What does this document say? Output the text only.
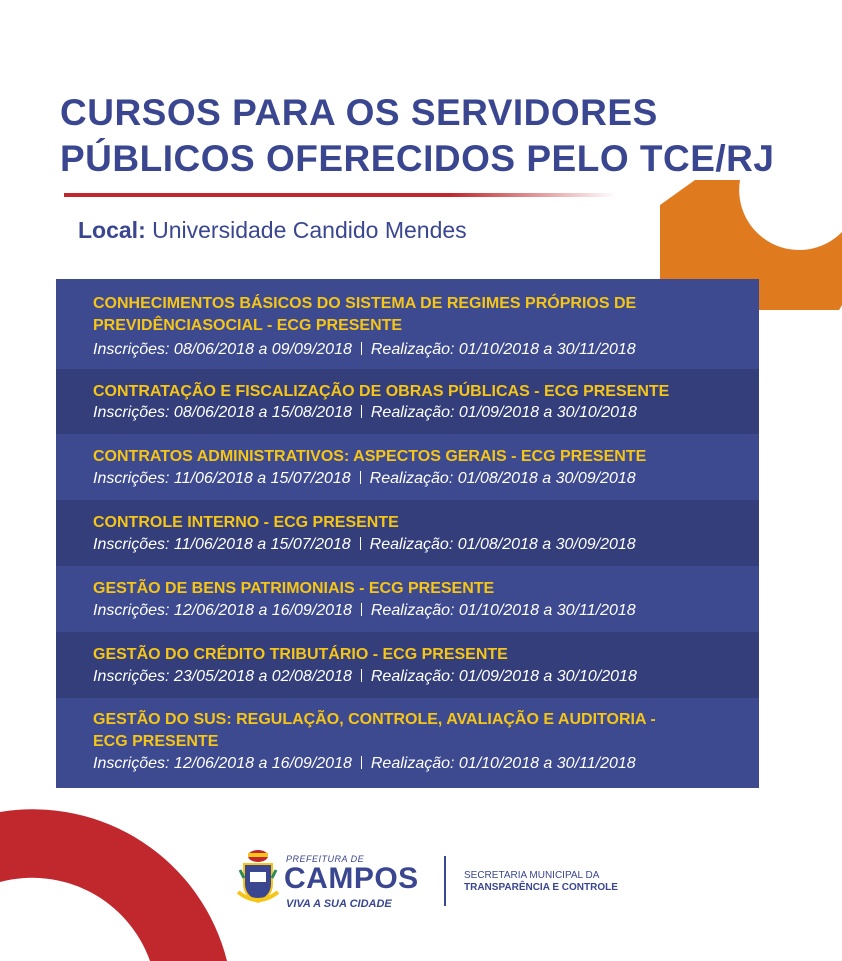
CURSOS PARA OS SERVIDORES
PÚBLICOS OFERECIDOS PELO TCE/RJ
Local: Universidade Candido Mendes
CONHECIMENTOS BÁSICOS DO SISTEMA DE REGIMES PRÓPRIOS DE
PREVIDÊNCIASOCIAL - ECG PRESENTE
Inscrições: 08/06/2018 a 09/09/2018 Realização: 01/10/2018 a 30/11/2018
CONTRATAÇÃO E FISCALIZAÇÃO DE OBRAS PÚBLICAS - ECG PRESENTE
Inscrições: 08/06/2018 a 15/08/2018 Realização: 01/09/2018 a 30/10/2018
CONTRATOS ADMINISTRATIVOS: ASPECTOS GERAIS - ECG PRESENTE
Inscrições: 11/06/2018 a 15/07/2018 Realização: 01/08/2018 a 30/09/2018
CONTROLE INTERNO - ECG PRESENTE
Inscrições: 11/06/2018 a 15/07/2018 Realização: 01/08/2018 a 30/09/2018
GESTÃO DE BENS PATRIMONIAIS - ECG PRESENTE
Inscrições: 12/06/2018 a 16/09/2018 Realização: 01/10/2018 a 30/11/2018
GESTÃO DO CRÉDITO TRIBUTÁRIO - ECG PRESENTE
Inscrições: 23/05/2018 a 02/08/2018 Realização: 01/09/2018 a 30/10/2018
GESTÃO DO SUS: REGULAÇÃO, CONTROLE, AVALIAÇÃO E AUDITORIA -
ECG PRESENTE
Inscrições: 12/06/2018 a 16/09/2018 Realização: 01/10/2018 a 30/11/2018
PREFEITURA DE
CAMPOS
VIVA A SUA CIDADE
SECRETARIA MUNICIPAL DA
TRANSPARÊNCIA E CONTROLE
